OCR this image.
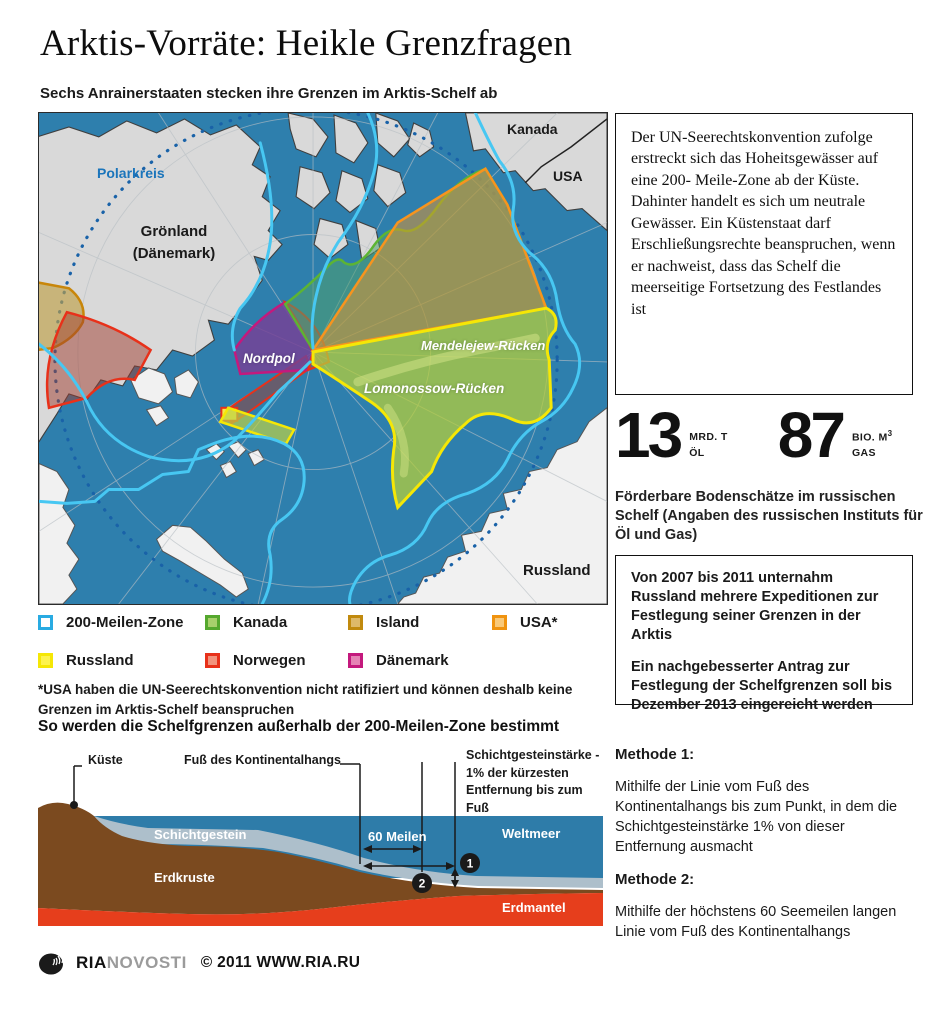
Arktis-Vorräte: Heikle Grenzfragen

Sechs Anrainerstaaten stecken ihre Grenzen im Arktis-Schelf ab

Polarkreis
Grönland
(Dänemark)
Kanada
USA
Nordpol
Mendelejew-Rücken
Lomonossow-Rücken
Russland
Der UN-Seerechtskonvention zufolge erstreckt sich das Hoheitsgewässer auf eine 200- Meile-Zone ab der Küste. Dahinter handelt es sich um neutrale Gewässer. Ein Küstenstaat darf Erschließungsrechte beanspruchen, wenn er nachweist, dass das Schelf die meerseitige Fortsetzung des Festlandes ist
13 MRD. T
ÖL	87 BIO. $M^3$
GAS

Förderbare Bodenschätze im russischen Schelf (Angaben des russischen Instituts für Öl und Gas)

Von 2007 bis 2011 unternahm Russland mehrere Expeditionen zur Festlegung seiner Grenzen in der Arktis

Ein nachgebesserter Antrag zur Festlegung der Schelfgrenzen soll bis Dezember 2013 eingereicht werden

Methode 1:

Mithilfe der Linie vom Fuß des Kontinentalhangs bis zum Punkt, in dem die Schichtgesteinstärke 1% von dieser Entfernung ausmacht

Methode 2:

Mithilfe der höchstens 60 Seemeilen langen Linie vom Fuß des Kontinentalhangs

200-Meilen-Zone	Kanada	Island	USA*
Russland	Norwegen	Dänemark

*USA haben die UN-Seerechtskonvention nicht ratifiziert und können deshalb keine Grenzen im Arktis-Schelf beanspruchen

So werden die Schelfgrenzen außerhalb der 200-Meilen-Zone bestimmt
1
2
Küste	Fuß des Kontinentalhangs	Schichtgesteinstärke - 1% der kürzesten Entfernung bis zum Fuß
Schichtgestein
Erdkruste
60 Meilen	Weltmeer
Erdmantel
RIANOVOSTI © 2011 WWW.RIA.RU
